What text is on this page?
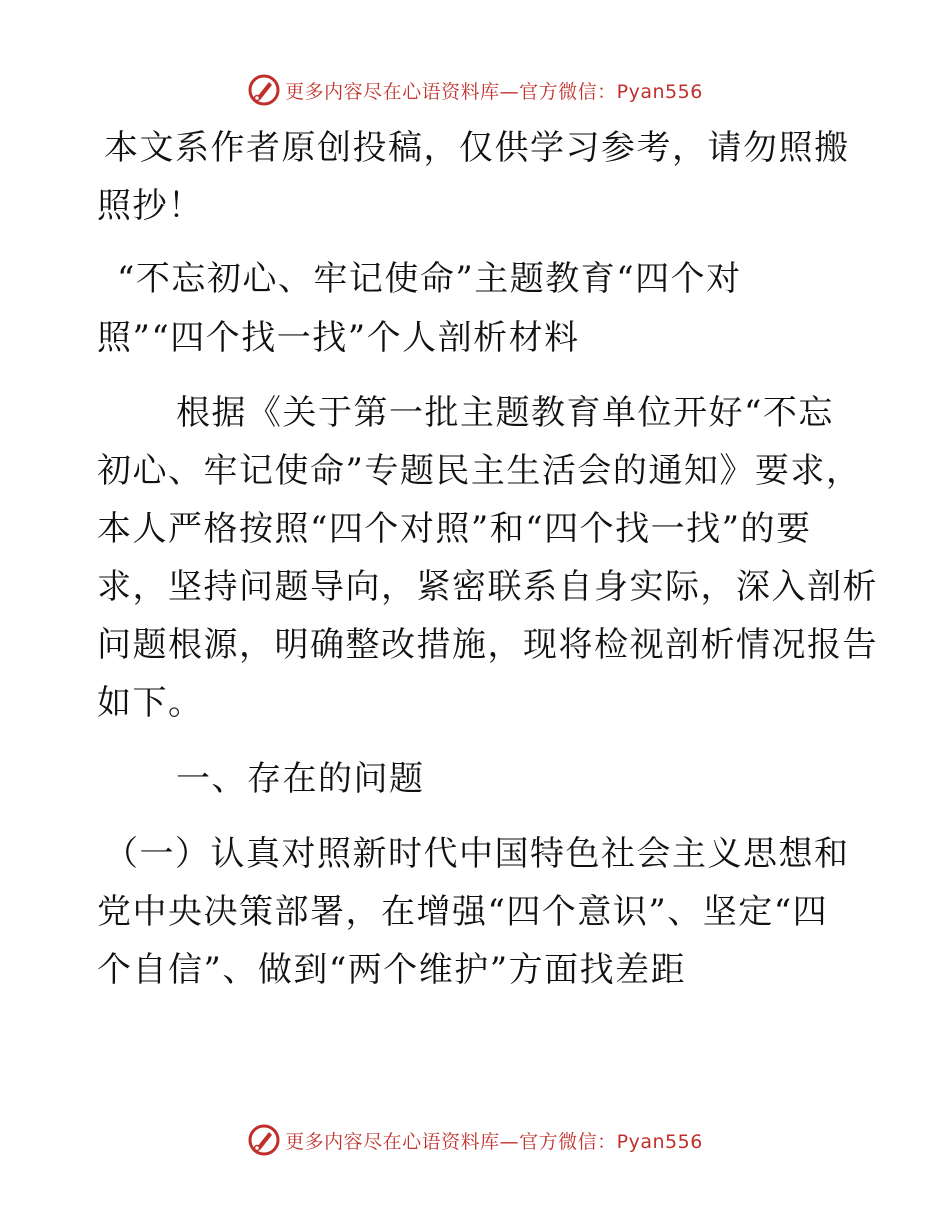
更多内容尽在心语资料库—官方微信：Pyan556
本文系作者原创投稿，仅供学习参考，请勿照搬
照抄！
“不忘初心、牢记使命”主题教育“四个对
照”“四个找一找”个人剖析材料
根据《关于第一批主题教育单位开好“不忘
初心、牢记使命”专题民主生活会的通知》要求，
本人严格按照“四个对照”和“四个找一找”的要
求，坚持问题导向，紧密联系自身实际，深入剖析
问题根源，明确整改措施，现将检视剖析情况报告
如下。
一、存在的问题
（一）认真对照新时代中国特色社会主义思想和
党中央决策部署，在增强“四个意识”、坚定“四
个自信”、做到“两个维护”方面找差距
更多内容尽在心语资料库—官方微信：Pyan556
